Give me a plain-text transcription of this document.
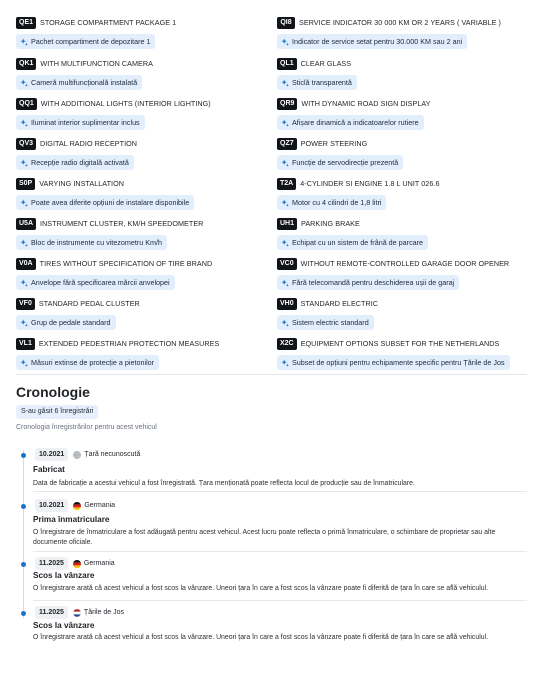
QE1 STORAGE COMPARTMENT PACKAGE 1
Pachet compartiment de depozitare 1
QI8	SERVICE INDICATOR 30 000 KM OR 2 YEARS ( VARIABLE )
Indicator de service setat pentru 30.000 KM sau 2 ani
QK1 WITH MULTIFUNCTION CAMERA
Cameră multifuncțională instalată
QL1 CLEAR GLASS
Sticlă transparentă
QQ1 WITH ADDITIONAL LIGHTS (INTERIOR LIGHTING)
Iluminat interior suplimentar inclus
QR9 WITH DYNAMIC ROAD SIGN DISPLAY
Afișare dinamică a indicatoarelor rutiere
QV3 DIGITAL RADIO RECEPTION
Recepție radio digitală activată
QZ7 POWER STEERING
Funcție de servodirecție prezentă
S0P VARYING INSTALLATION
Poate avea diferite opțiuni de instalare disponibile
T2A 4-CYLINDER SI ENGINE 1.8 L UNIT 026.6
Motor cu 4 cilindri de 1,8 litri
U5A INSTRUMENT CLUSTER, KM/H SPEEDOMETER
Bloc de instrumente cu vitezometru Km/h
UH1 PARKING BRAKE
Echipat cu un sistem de frână de parcare
V0A TIRES WITHOUT SPECIFICATION OF TIRE BRAND
Anvelope fără specificarea mărcii anvelopei
VC0 WITHOUT REMOTE-CONTROLLED GARAGE DOOR OPENER
Fără telecomandă pentru deschiderea ușii de garaj
VF0 STANDARD PEDAL CLUSTER
Grup de pedale standard
VH0 STANDARD ELECTRIC
Sistem electric standard
VL1 EXTENDED PEDESTRIAN PROTECTION MEASURES
Măsuri extinse de protecție a pietonilor
X2C EQUIPMENT OPTIONS SUBSET FOR THE NETHERLANDS
Subset de opțiuni pentru echipamente specific pentru Țările de Jos
Cronologie
S-au găsit 6 înregistrări
Cronologia înregistrărilor pentru acest vehicul
10.2021	Țară necunoscută
Fabricat
Data de fabricație a acestui vehicul a fost înregistrată. Țara menționată poate reflecta locul de producție sau de înmatriculare.
10.2021	Germania
Prima înmatriculare
O înregistrare de înmatriculare a fost adăugată pentru acest vehicul. Acest lucru poate reflecta o primă înmatriculare, o schimbare de proprietar sau alte documente oficiale.
11.2025	Germania
Scos la vânzare
O înregistrare arată că acest vehicul a fost scos la vânzare. Uneori țara în care a fost scos la vânzare poate fi diferită de țara în care se află vehiculul.
11.2025	Țările de Jos
Scos la vânzare
O înregistrare arată că acest vehicul a fost scos la vânzare. Uneori țara în care a fost scos la vânzare poate fi diferită de țara în care se află vehiculul.
